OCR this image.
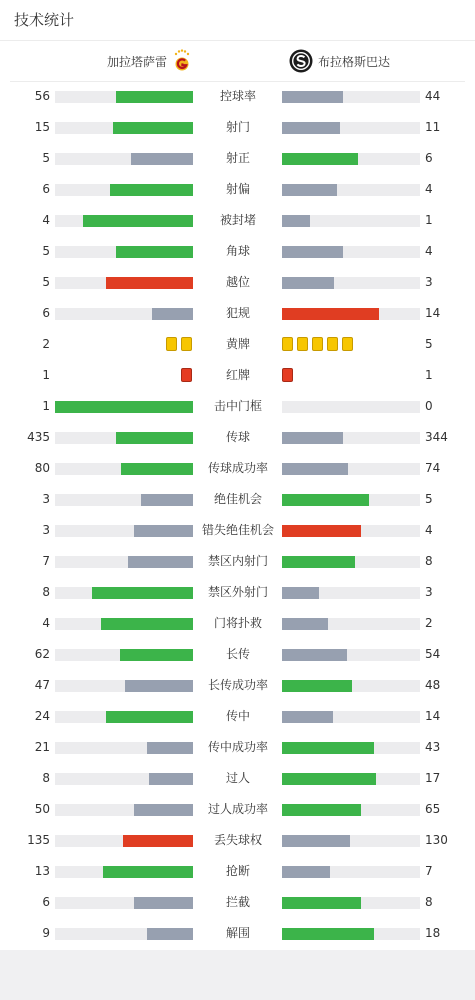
技术统计
加拉塔萨雷	布拉格斯巴达
56	控球率	44
15	射门	11
5	射正	6
6	射偏	4
4	被封堵	1
5	角球	4
5	越位	3
6	犯规	14
2	黄牌	5
1	红牌	1
1	击中门框	0
435	传球	344
80	传球成功率	74
3	绝佳机会	5
3	错失绝佳机会	4
7	禁区内射门	8
8	禁区外射门	3
4	门将扑救	2
62	长传	54
47	长传成功率	48
24	传中	14
21	传中成功率	43
8	过人	17
50	过人成功率	65
135	丢失球权	130
13	抢断	7
6	拦截	8
9	解围	18
